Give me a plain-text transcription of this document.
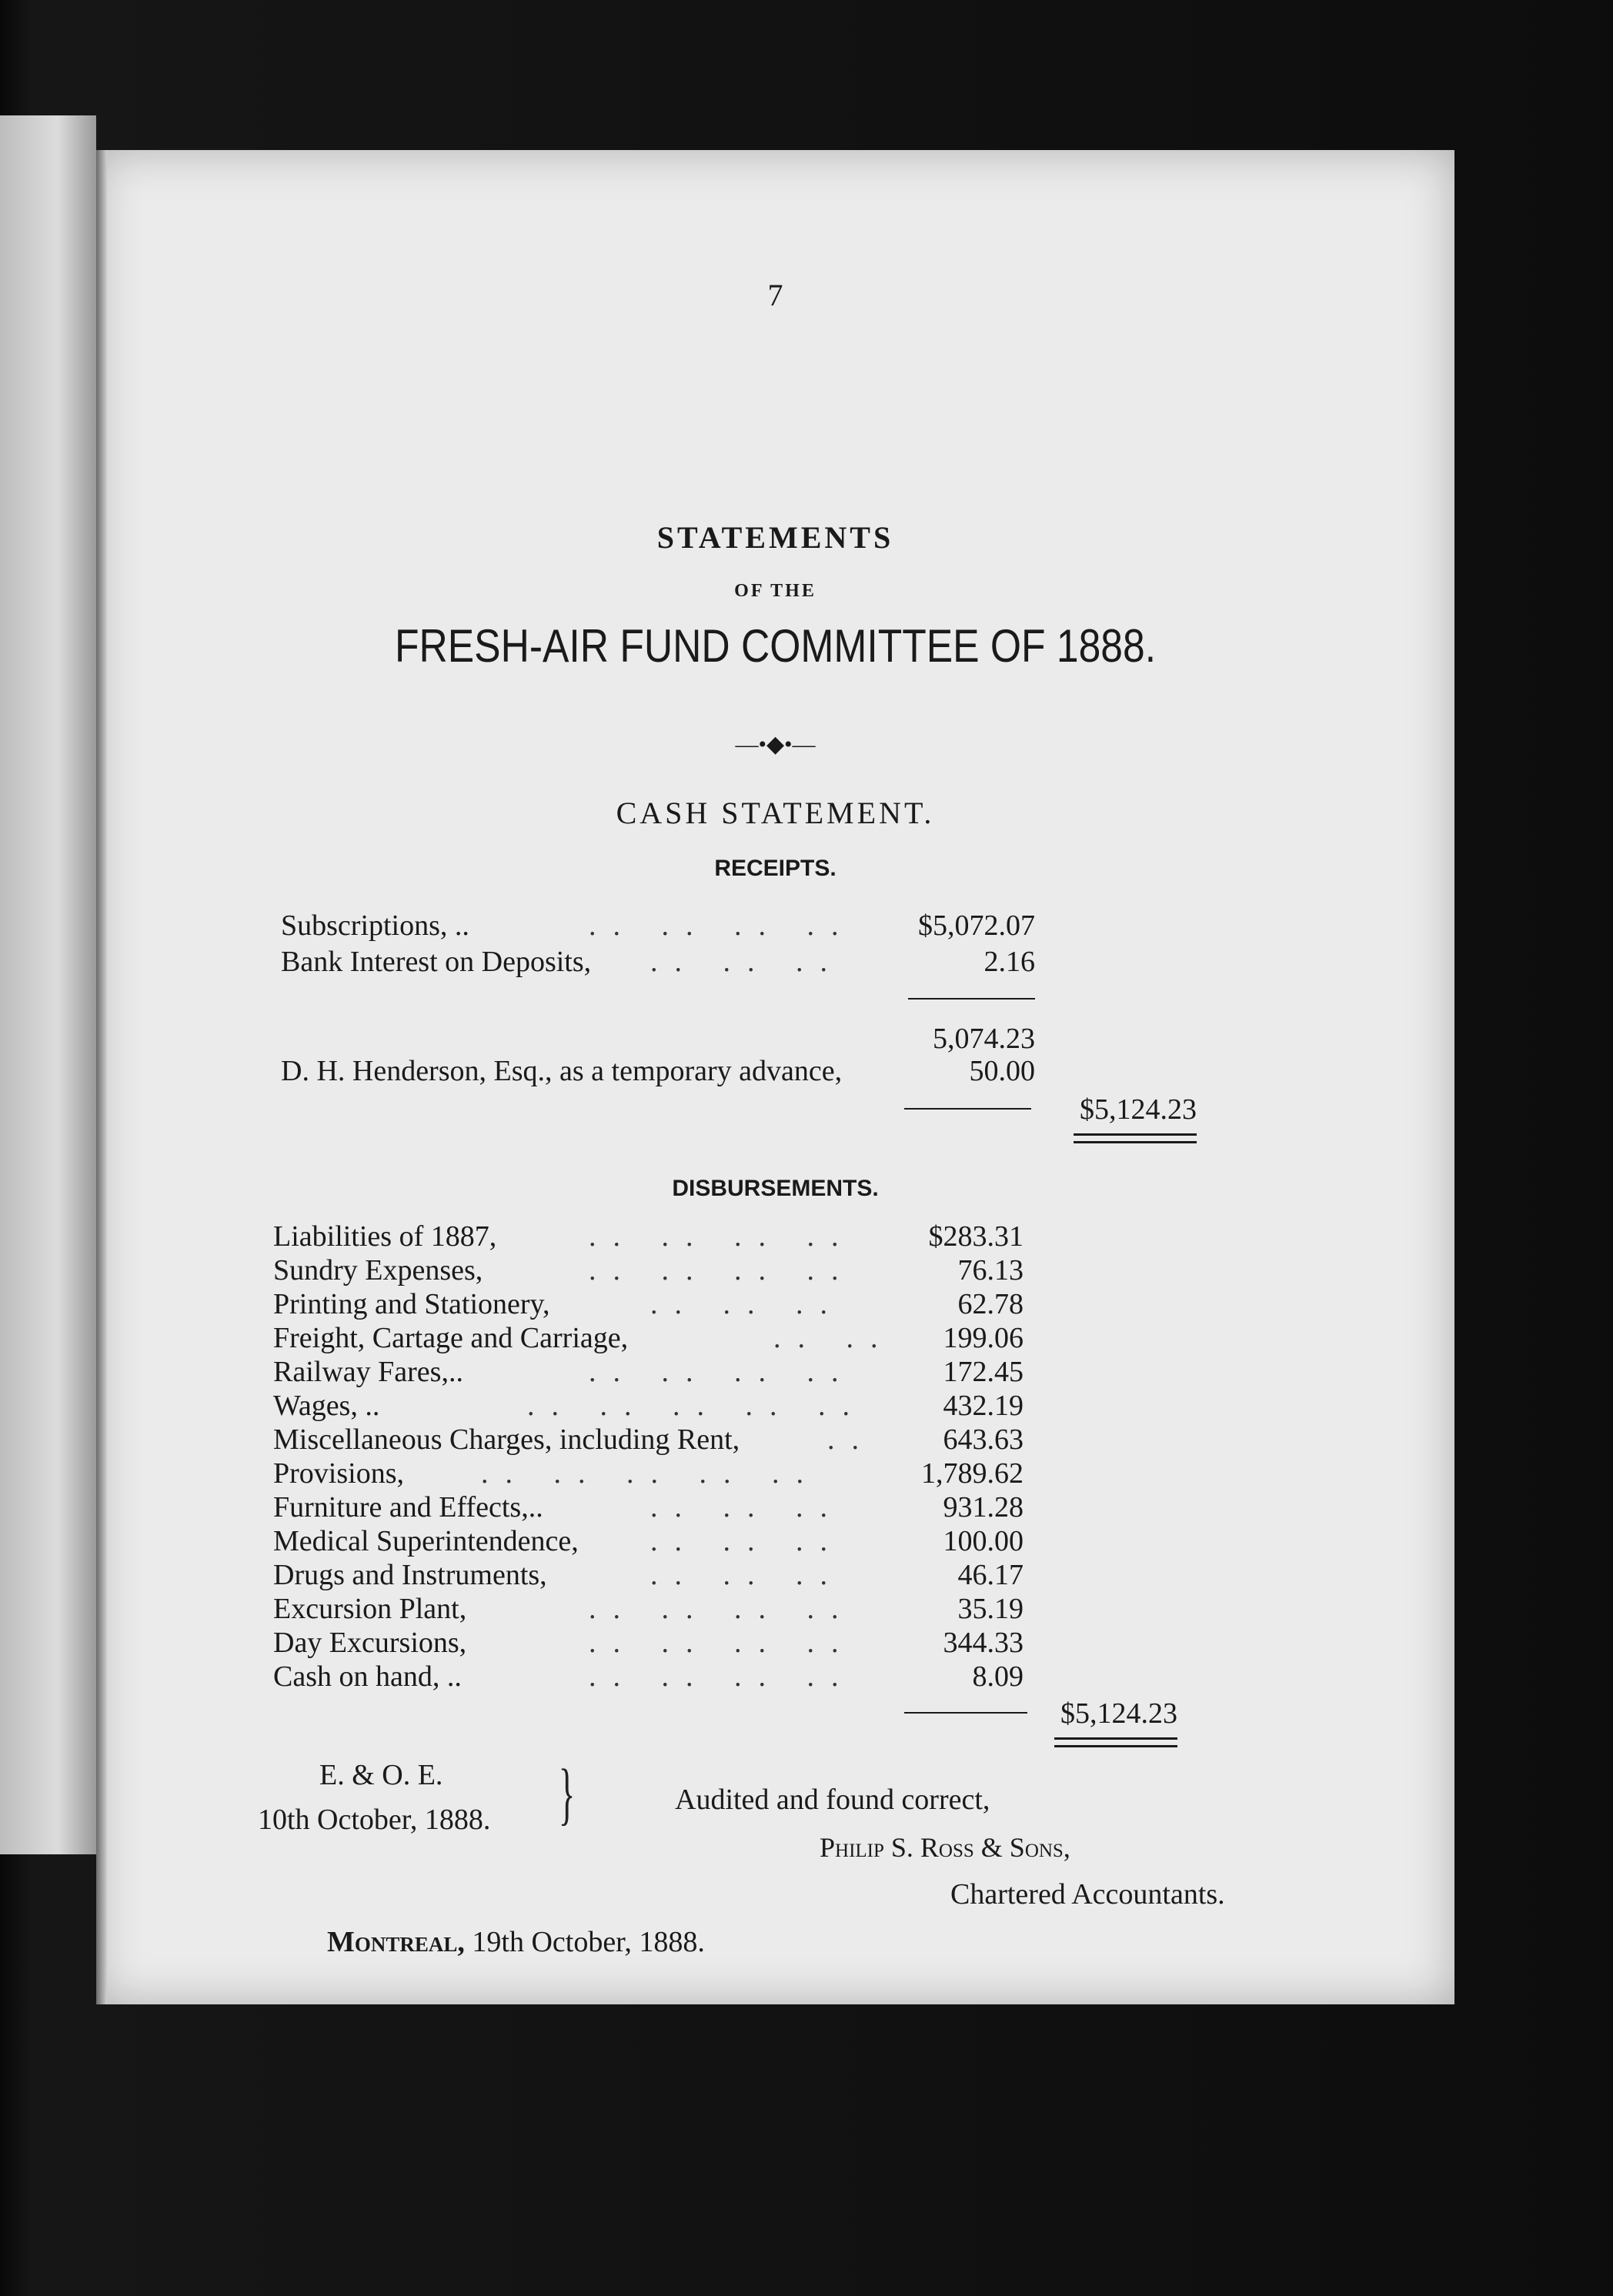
7
STATEMENTS
OF THE
FRESH-AIR FUND COMMITTEE OF 1888.
—•◆•—
CASH STATEMENT.
RECEIPTS.
Subscriptions, ..	.. .. .. ..	$5,072.07
Bank Interest on Deposits, .. .. ..	2.16
5,074.23
D. H. Henderson, Esq., as a temporary advance,	50.00
$5,124.23
DISBURSEMENTS.
Liabilities of 1887,	.. .. .. ..	$283.31
Sundry Expenses,	.. .. .. ..	76.13
Printing and Stationery,	.. .. ..	62.78
Freight, Cartage and Carriage,	.. ..	199.06
Railway Fares,..	.. .. .. ..	172.45
Wages, ..	.. .. .. .. ..	432.19
Miscellaneous Charges, including Rent,	..	643.63
Provisions,	.. .. .. .. ..	1,789.62
Furniture and Effects,..	.. .. ..	931.28
Medical Superintendence, .. .. ..	100.00
Drugs and Instruments,	.. .. ..	46.17
Excursion Plant,	.. .. .. ..	35.19
Day Excursions,	.. .. .. ..	344.33
Cash on hand, ..	.. .. .. ..	8.09
$5,124.23
E. & O. E.
10th October, 1888. }	Audited and found correct,
Philip S. Ross & Sons,
Chartered Accountants.
Montreal, 19th October, 1888.
